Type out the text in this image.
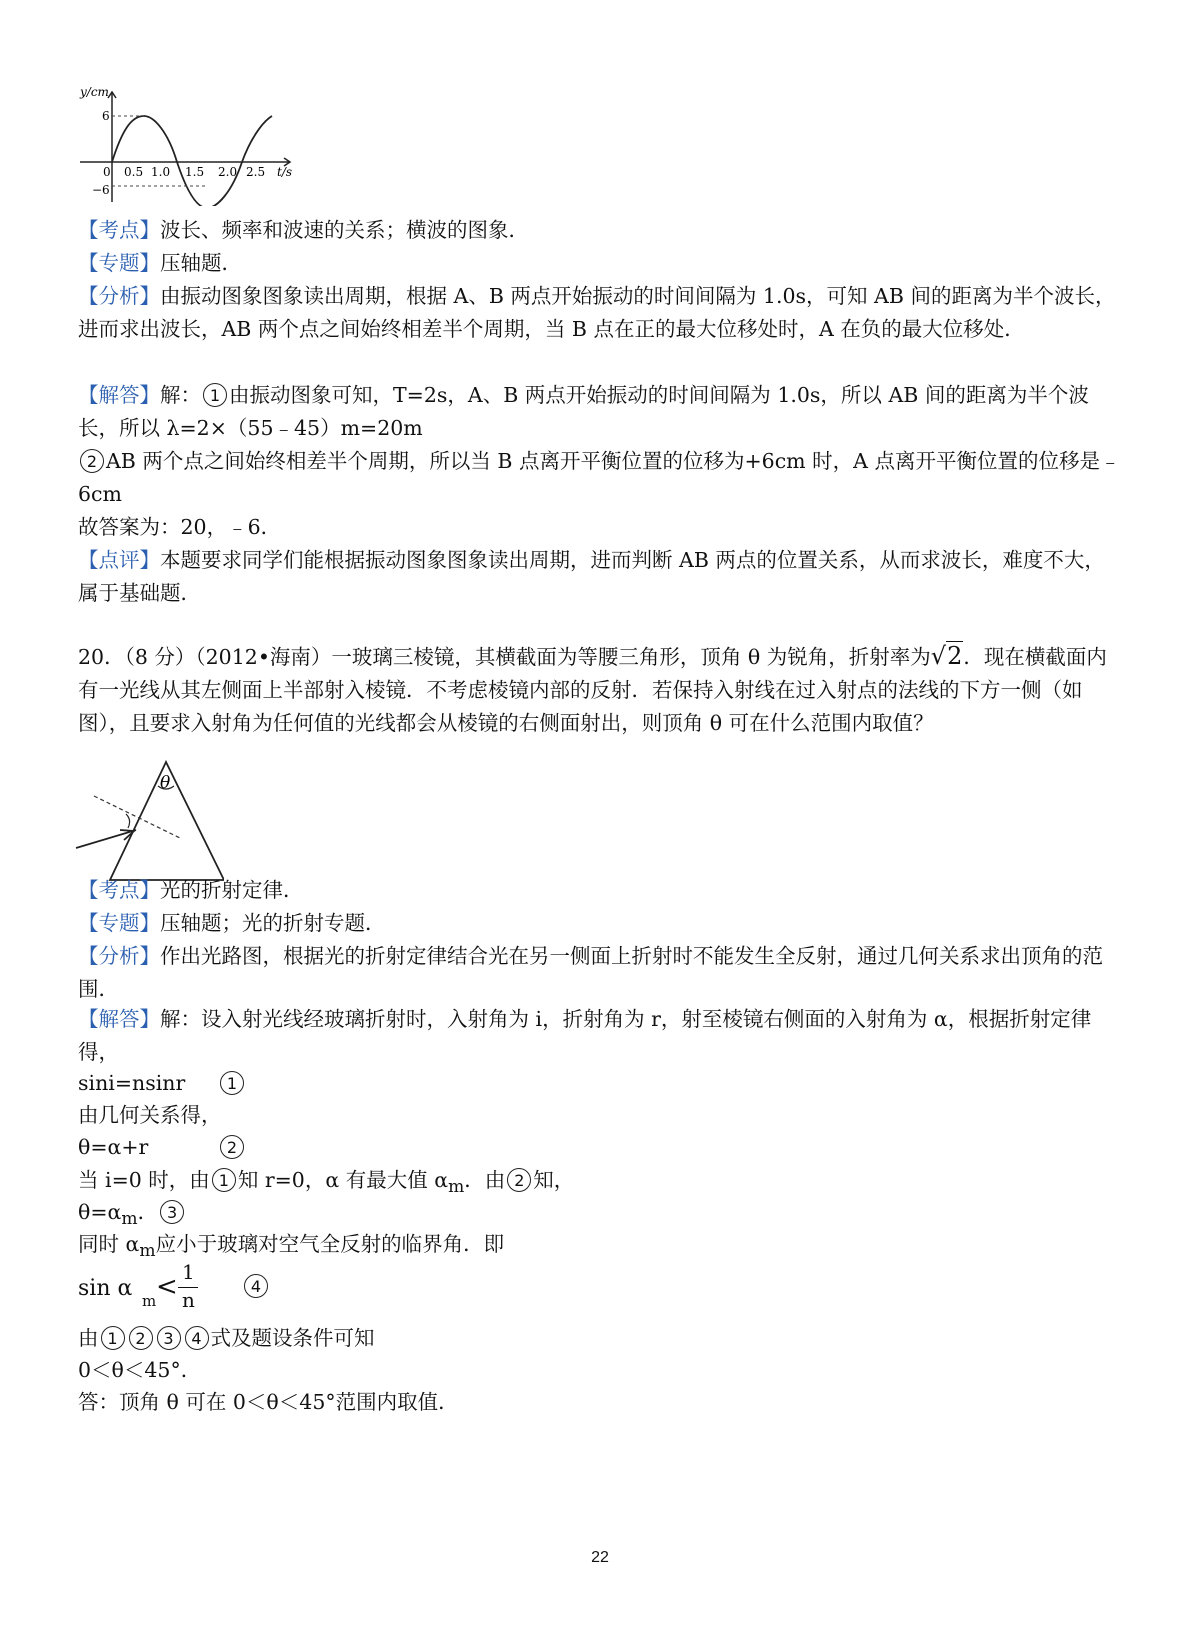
y/cm
6
−6
0 0.5 1.0 1.5 2.0 2.5 t/s
【考点】波长、频率和波速的关系；横波的图象．
【专题】压轴题．
【分析】由振动图象图象读出周期，根据 A、B 两点开始振动的时间间隔为 1.0s，可知 AB 间的距离为半个波长，进而求出波长，AB 两个点之间始终相差半个周期，当 B 点在正的最大位移处时，A 在负的最大位移处．
【解答】解： 1 由振动图象可知，T=2s，A、B 两点开始振动的时间间隔为 1.0s，所以 AB 间的距离为半个波长，所以 λ=2×（55﹣45）m=20m
2 AB 两个点之间始终相差半个周期，所以当 B 点离开平衡位置的位移为+6cm 时，A 点离开平衡位置的位移是﹣6cm
故答案为：20，﹣6．
【点评】本题要求同学们能根据振动图象图象读出周期，进而判断 AB 两点的位置关系，从而求波长，难度不大，属于基础题．
20．（8 分）（2012•海南）一玻璃三棱镜，其横截面为等腰三角形，顶角 θ 为锐角，折射率为√2．现在横截面内有一光线从其左侧面上半部射入棱镜．不考虑棱镜内部的反射．若保持入射线在过入射点的法线的下方一侧（如图），且要求入射角为任何值的光线都会从棱镜的右侧面射出，则顶角 θ 可在什么范围内取值？
θ
【考点】光的折射定律．
【专题】压轴题；光的折射专题．
【分析】作出光路图，根据光的折射定律结合光在另一侧面上折射时不能发生全反射，通过几何关系求出顶角的范围．
【解答】解：设入射光线经玻璃折射时，入射角为 i，折射角为 r，射至棱镜右侧面的入射角为 α，根据折射定律得，
sini=nsinr	1
由几何关系得，
θ=α+r	2
当 i=0 时，由 1 知 r=0，α 有最大值 $\alpha_m$．由 2 知，
$\theta=\alpha_m$． 3
同时 $\alpha_m$应小于玻璃对空气全反射的临界角．即
sin α m < 1
n
4
由 1 2 3 4 式及题设条件可知
0＜θ＜45°．
答：顶角 θ 可在 0＜θ＜45°范围内取值．
22
